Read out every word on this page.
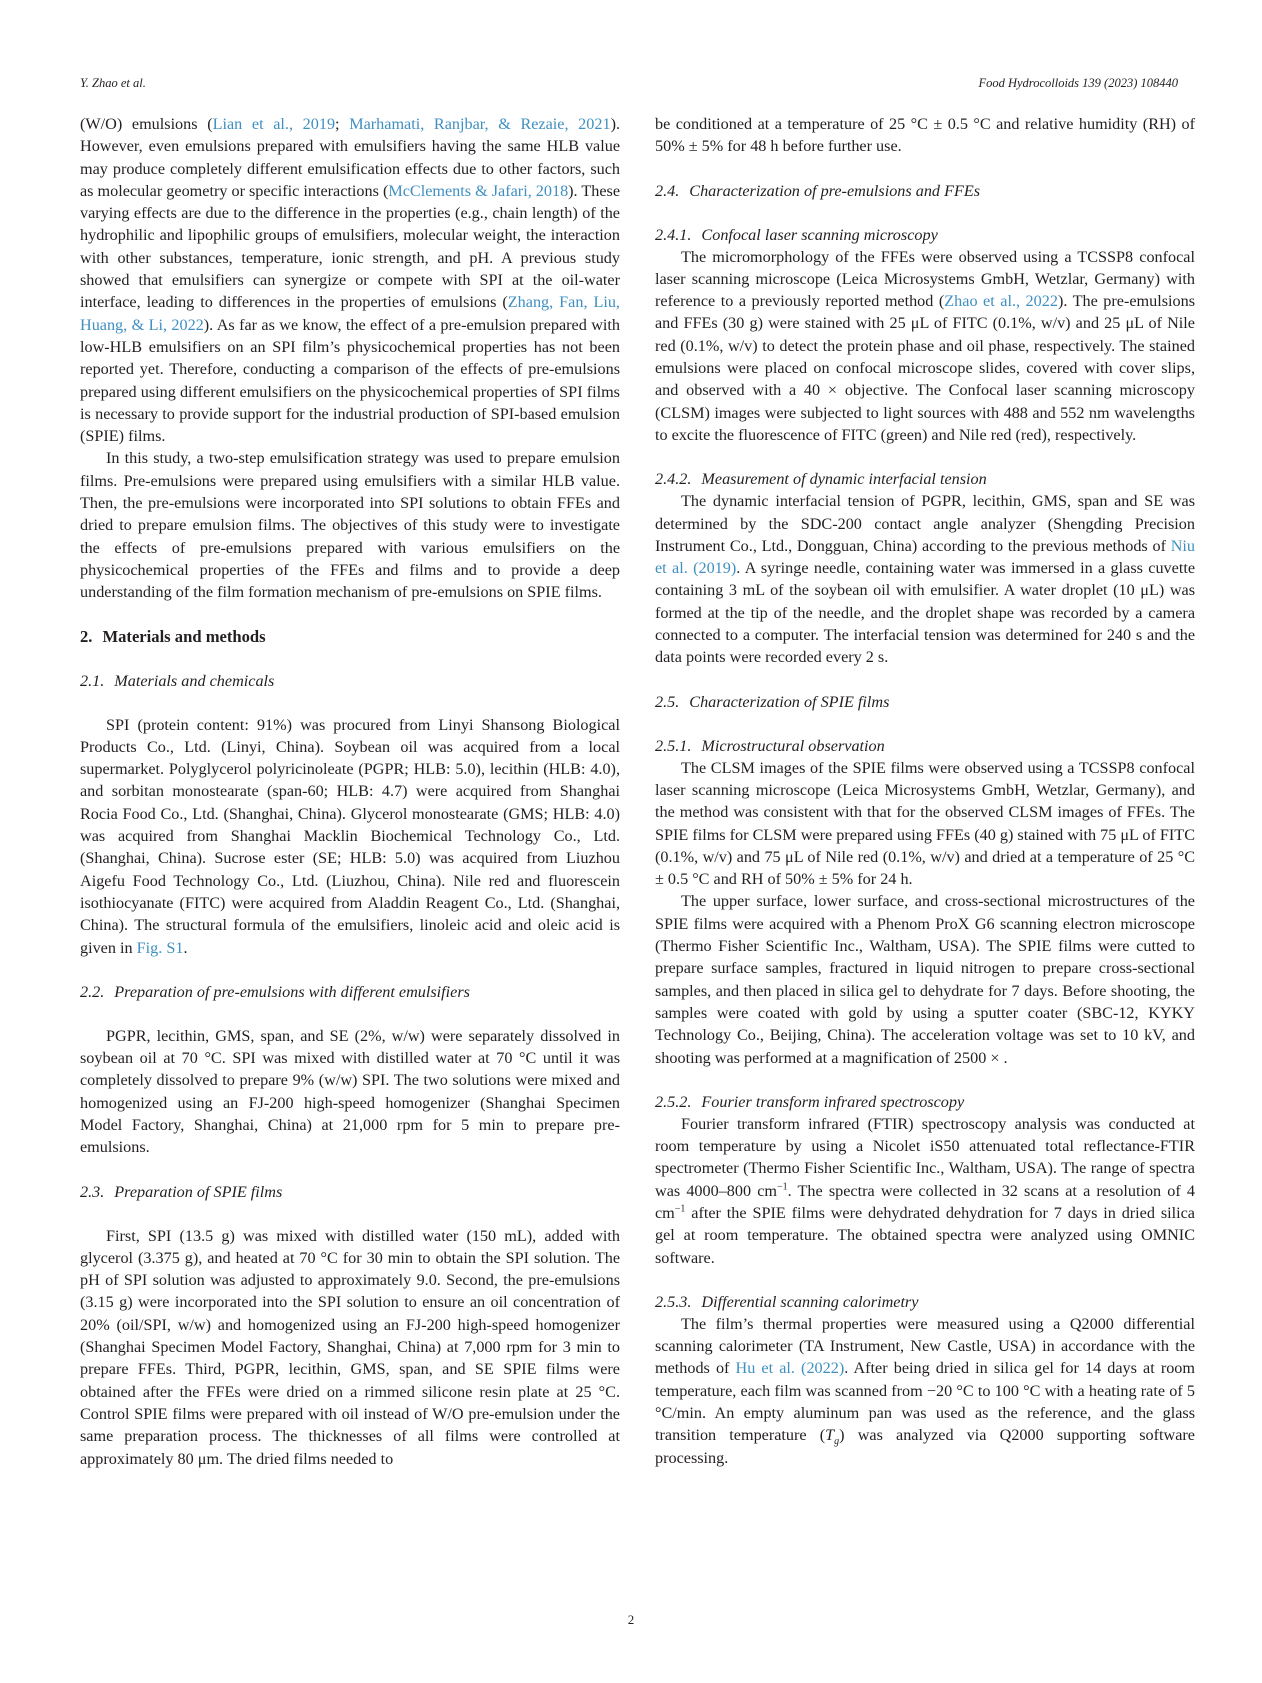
Y. Zhao et al.	Food Hydrocolloids 139 (2023) 108440

(W/O) emulsions (Lian et al., 2019; Marhamati, Ranjbar, & Rezaie, 2021). However, even emulsions prepared with emulsifiers having the same HLB value may produce completely different emulsification effects due to other factors, such as molecular geometry or specific interactions (McClements & Jafari, 2018). These varying effects are due to the difference in the properties (e.g., chain length) of the hydrophilic and lipophilic groups of emulsifiers, molecular weight, the interaction with other substances, temperature, ionic strength, and pH. A previous study showed that emulsifiers can synergize or compete with SPI at the oil-water interface, leading to differences in the properties of emulsions (Zhang, Fan, Liu, Huang, & Li, 2022). As far as we know, the effect of a pre-emulsion prepared with low-HLB emulsifiers on an SPI film’s physicochemical properties has not been reported yet. Therefore, conducting a comparison of the effects of pre-emulsions prepared using different emulsifiers on the physicochemical properties of SPI films is necessary to provide support for the industrial production of SPI-based emulsion (SPIE) films.

In this study, a two-step emulsification strategy was used to prepare emulsion films. Pre-emulsions were prepared using emulsifiers with a similar HLB value. Then, the pre-emulsions were incorporated into SPI solutions to obtain FFEs and dried to prepare emulsion films. The objectives of this study were to investigate the effects of pre-emulsions prepared with various emulsifiers on the physicochemical properties of the FFEs and films and to provide a deep understanding of the film formation mechanism of pre-emulsions on SPIE films.

2. Materials and methods
2.1. Materials and chemicals

SPI (protein content: 91%) was procured from Linyi Shansong Biological Products Co., Ltd. (Linyi, China). Soybean oil was acquired from a local supermarket. Polyglycerol polyricinoleate (PGPR; HLB: 5.0), lecithin (HLB: 4.0), and sorbitan monostearate (span-60; HLB: 4.7) were acquired from Shanghai Rocia Food Co., Ltd. (Shanghai, China). Glycerol monostearate (GMS; HLB: 4.0) was acquired from Shanghai Macklin Biochemical Technology Co., Ltd. (Shanghai, China). Sucrose ester (SE; HLB: 5.0) was acquired from Liuzhou Aigefu Food Technology Co., Ltd. (Liuzhou, China). Nile red and fluorescein isothiocyanate (FITC) were acquired from Aladdin Reagent Co., Ltd. (Shanghai, China). The structural formula of the emulsifiers, linoleic acid and oleic acid is given in Fig. S1.

2.2. Preparation of pre-emulsions with different emulsifiers

PGPR, lecithin, GMS, span, and SE (2%, w/w) were separately dissolved in soybean oil at 70 °C. SPI was mixed with distilled water at 70 °C until it was completely dissolved to prepare 9% (w/w) SPI. The two solutions were mixed and homogenized using an FJ-200 high-speed homogenizer (Shanghai Specimen Model Factory, Shanghai, China) at 21,000 rpm for 5 min to prepare pre-emulsions.

2.3. Preparation of SPIE films

First, SPI (13.5 g) was mixed with distilled water (150 mL), added with glycerol (3.375 g), and heated at 70 °C for 30 min to obtain the SPI solution. The pH of SPI solution was adjusted to approximately 9.0. Second, the pre-emulsions (3.15 g) were incorporated into the SPI solution to ensure an oil concentration of 20% (oil/SPI, w/w) and homogenized using an FJ-200 high-speed homogenizer (Shanghai Specimen Model Factory, Shanghai, China) at 7,000 rpm for 3 min to prepare FFEs. Third, PGPR, lecithin, GMS, span, and SE SPIE films were obtained after the FFEs were dried on a rimmed silicone resin plate at 25 °C. Control SPIE films were prepared with oil instead of W/O pre-emulsion under the same preparation process. The thicknesses of all films were controlled at approximately 80 μm. The dried films needed to

be conditioned at a temperature of 25 °C ± 0.5 °C and relative humidity (RH) of 50% ± 5% for 48 h before further use.

2.4. Characterization of pre-emulsions and FFEs
2.4.1. Confocal laser scanning microscopy

The micromorphology of the FFEs were observed using a TCSSP8 confocal laser scanning microscope (Leica Microsystems GmbH, Wetzlar, Germany) with reference to a previously reported method (Zhao et al., 2022). The pre-emulsions and FFEs (30 g) were stained with 25 μL of FITC (0.1%, w/v) and 25 μL of Nile red (0.1%, w/v) to detect the protein phase and oil phase, respectively. The stained emulsions were placed on confocal microscope slides, covered with cover slips, and observed with a 40 × objective. The Confocal laser scanning microscopy (CLSM) images were subjected to light sources with 488 and 552 nm wavelengths to excite the fluorescence of FITC (green) and Nile red (red), respectively.

2.4.2. Measurement of dynamic interfacial tension

The dynamic interfacial tension of PGPR, lecithin, GMS, span and SE was determined by the SDC-200 contact angle analyzer (Shengding Precision Instrument Co., Ltd., Dongguan, China) according to the previous methods of Niu et al. (2019). A syringe needle, containing water was immersed in a glass cuvette containing 3 mL of the soybean oil with emulsifier. A water droplet (10 μL) was formed at the tip of the needle, and the droplet shape was recorded by a camera connected to a computer. The interfacial tension was determined for 240 s and the data points were recorded every 2 s.

2.5. Characterization of SPIE films
2.5.1. Microstructural observation

The CLSM images of the SPIE films were observed using a TCSSP8 confocal laser scanning microscope (Leica Microsystems GmbH, Wetzlar, Germany), and the method was consistent with that for the observed CLSM images of FFEs. The SPIE films for CLSM were prepared using FFEs (40 g) stained with 75 μL of FITC (0.1%, w/v) and 75 μL of Nile red (0.1%, w/v) and dried at a temperature of 25 °C ± 0.5 °C and RH of 50% ± 5% for 24 h.

The upper surface, lower surface, and cross-sectional microstructures of the SPIE films were acquired with a Phenom ProX G6 scanning electron microscope (Thermo Fisher Scientific Inc., Waltham, USA). The SPIE films were cutted to prepare surface samples, fractured in liquid nitrogen to prepare cross-sectional samples, and then placed in silica gel to dehydrate for 7 days. Before shooting, the samples were coated with gold by using a sputter coater (SBC-12, KYKY Technology Co., Beijing, China). The acceleration voltage was set to 10 kV, and shooting was performed at a magnification of 2500 × .

2.5.2. Fourier transform infrared spectroscopy

Fourier transform infrared (FTIR) spectroscopy analysis was conducted at room temperature by using a Nicolet iS50 attenuated total reflectance-FTIR spectrometer (Thermo Fisher Scientific Inc., Waltham, USA). The range of spectra was 4000–800 $cm^{-1}$. The spectra were collected in 32 scans at a resolution of 4 $cm^{-1}$ after the SPIE films were dehydrated dehydration for 7 days in dried silica gel at room temperature. The obtained spectra were analyzed using OMNIC software.

2.5.3. Differential scanning calorimetry

The film’s thermal properties were measured using a Q2000 differential scanning calorimeter (TA Instrument, New Castle, USA) in accordance with the methods of Hu et al. (2022). After being dried in silica gel for 14 days at room temperature, each film was scanned from −20 °C to 100 °C with a heating rate of 5 °C/min. An empty aluminum pan was used as the reference, and the glass transition temperature $(T_g)$ was analyzed via Q2000 supporting software processing.

2
